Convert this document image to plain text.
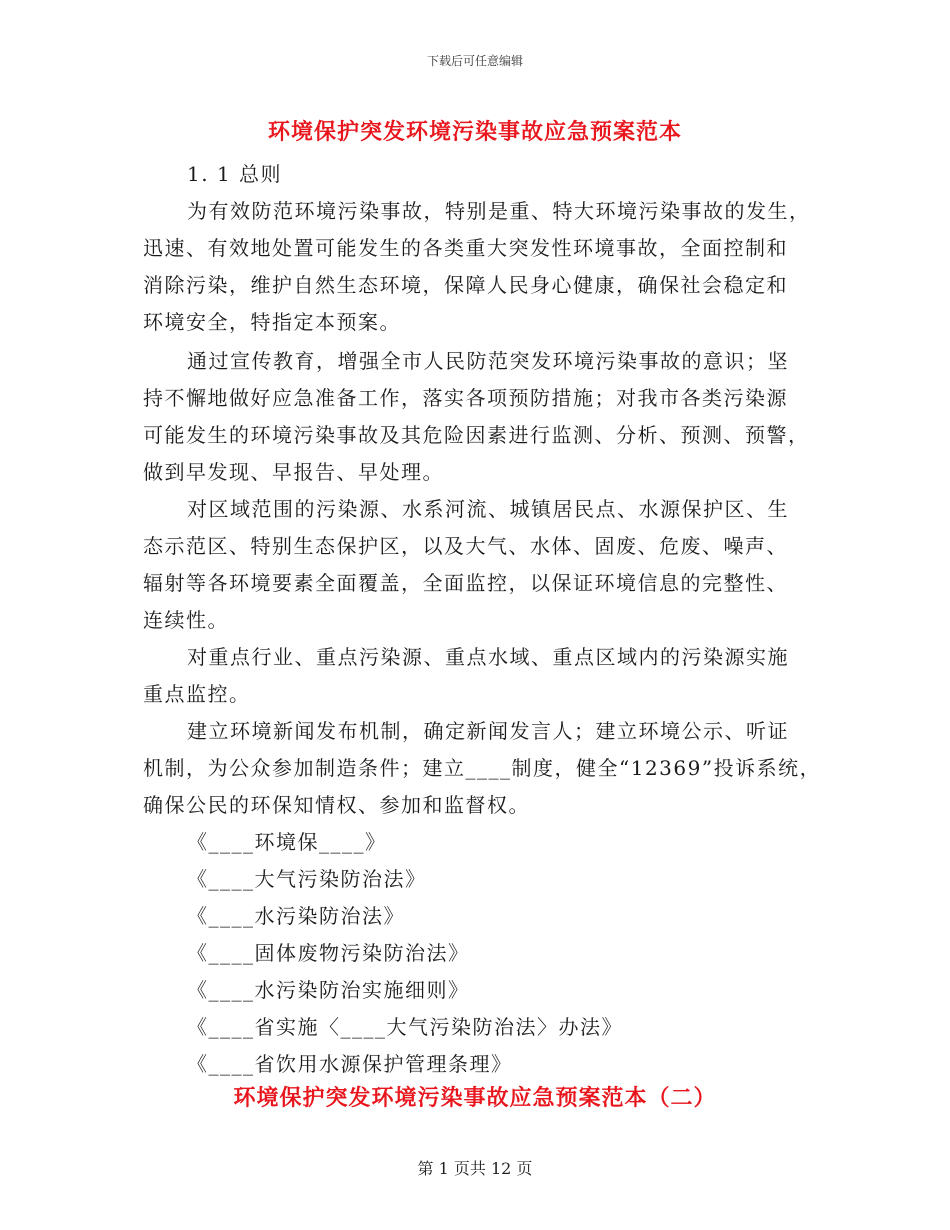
下载后可任意编辑
环境保护突发环境污染事故应急预案范本
1. 1 总则
为有效防范环境污染事故，特别是重、特大环境污染事故的发生，
迅速、有效地处置可能发生的各类重大突发性环境事故，全面控制和
消除污染，维护自然生态环境，保障人民身心健康，确保社会稳定和
环境安全，特指定本预案。
通过宣传教育，增强全市人民防范突发环境污染事故的意识；坚
持不懈地做好应急准备工作，落实各项预防措施；对我市各类污染源
可能发生的环境污染事故及其危险因素进行监测、分析、预测、预警，
做到早发现、早报告、早处理。
对区域范围的污染源、水系河流、城镇居民点、水源保护区、生
态示范区、特别生态保护区，以及大气、水体、固废、危废、噪声、
辐射等各环境要素全面覆盖，全面监控，以保证环境信息的完整性、
连续性。
对重点行业、重点污染源、重点水域、重点区域内的污染源实施
重点监控。
建立环境新闻发布机制，确定新闻发言人；建立环境公示、听证
机制，为公众参加制造条件；建立____制度，健全“12369”投诉系统，
确保公民的环保知情权、参加和监督权。
《____环境保____》
《____大气污染防治法》
《____水污染防治法》
《____固体废物污染防治法》
《____水污染防治实施细则》
《____省实施〈____大气污染防治法〉办法》
《____省饮用水源保护管理条理》
环境保护突发环境污染事故应急预案范本（二）
第 1 页共 12 页
